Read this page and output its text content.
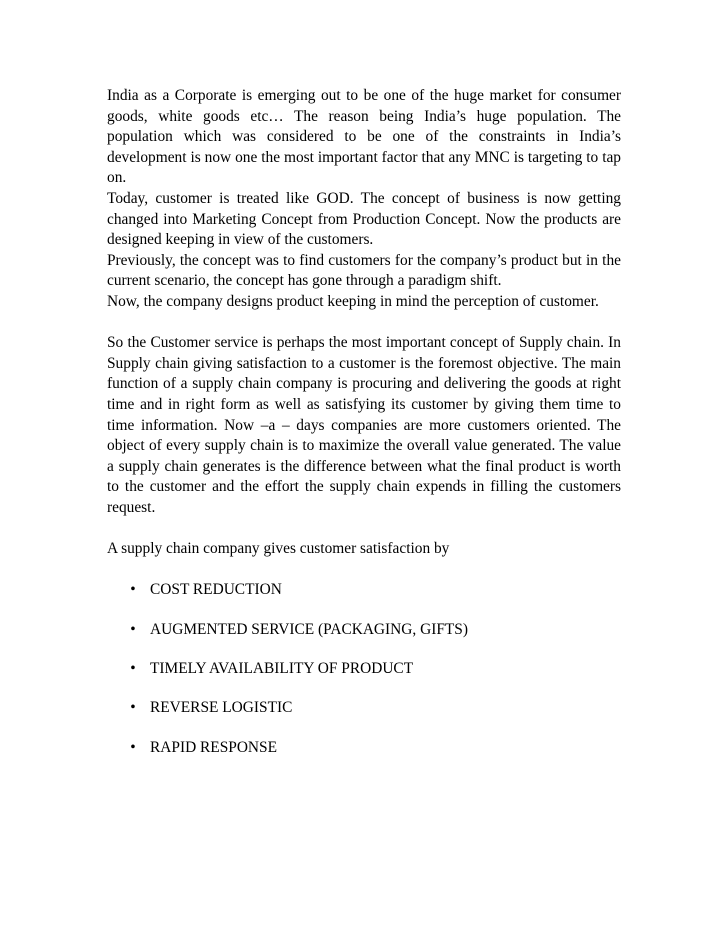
India as a Corporate is emerging out to be one of the huge market for consumer goods, white goods etc… The reason being India’s huge population. The population which was considered to be one of the constraints in India’s development is now one the most important factor that any MNC is targeting to tap on.

Today, customer is treated like GOD. The concept of business is now getting changed into Marketing Concept from Production Concept. Now the products are designed keeping in view of the customers.

Previously, the concept was to find customers for the company’s product but in the current scenario, the concept has gone through a paradigm shift.

Now, the company designs product keeping in mind the perception of customer.

So the Customer service is perhaps the most important concept of Supply chain. In Supply chain giving satisfaction to a customer is the foremost objective. The main function of a supply chain company is procuring and delivering the goods at right time and in right form as well as satisfying its customer by giving them time to time information. Now –a – days companies are more customers oriented. The object of every supply chain is to maximize the overall value generated. The value a supply chain generates is the difference between what the final product is worth to the customer and the effort the supply chain expends in filling the customers request.

A supply chain company gives customer satisfaction by

• COST REDUCTION
• AUGMENTED SERVICE (PACKAGING, GIFTS)
• TIMELY AVAILABILITY OF PRODUCT
• REVERSE LOGISTIC
• RAPID RESPONSE
